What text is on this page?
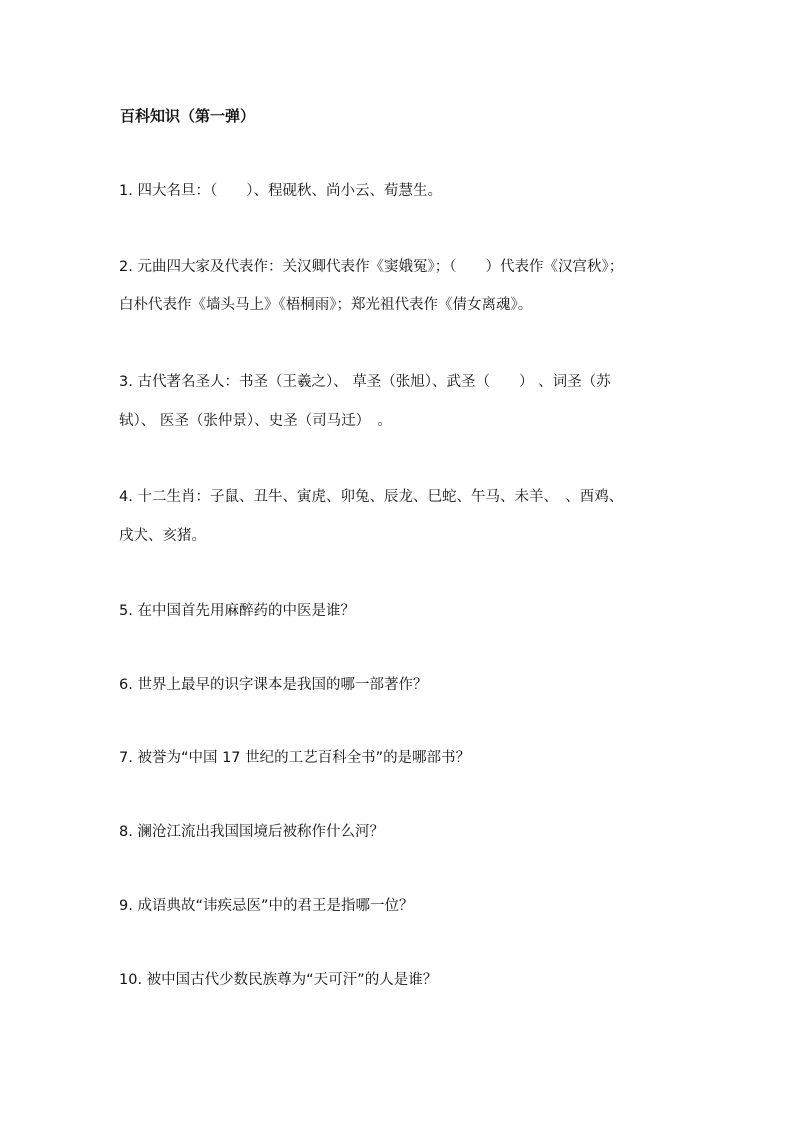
百科知识（第一弹）
1. 四大名旦：（　　）、程砚秋、尚小云、荀慧生。
2. 元曲四大家及代表作：关汉卿代表作《窦娥冤》；（　　）代表作《汉宫秋》；
白朴代表作《墙头马上》《梧桐雨》；郑光祖代表作《倩女离魂》。
3. 古代著名圣人：书圣（王羲之）、 草圣（张旭）、武圣（　　） 、词圣（苏
轼）、 医圣（张仲景）、史圣（司马迁）　。
4. 十二生肖：子鼠、丑牛、寅虎、卯兔、辰龙、巳蛇、午马、未羊、　、酉鸡、
戌犬、亥猪。
5. 在中国首先用麻醉药的中医是谁？
6. 世界上最早的识字课本是我国的哪一部著作？
7. 被誉为“中国 17 世纪的工艺百科全书”的是哪部书？
8. 澜沧江流出我国国境后被称作什么河？
9. 成语典故“讳疾忌医”中的君王是指哪一位？
10. 被中国古代少数民族尊为“天可汗”的人是谁？
